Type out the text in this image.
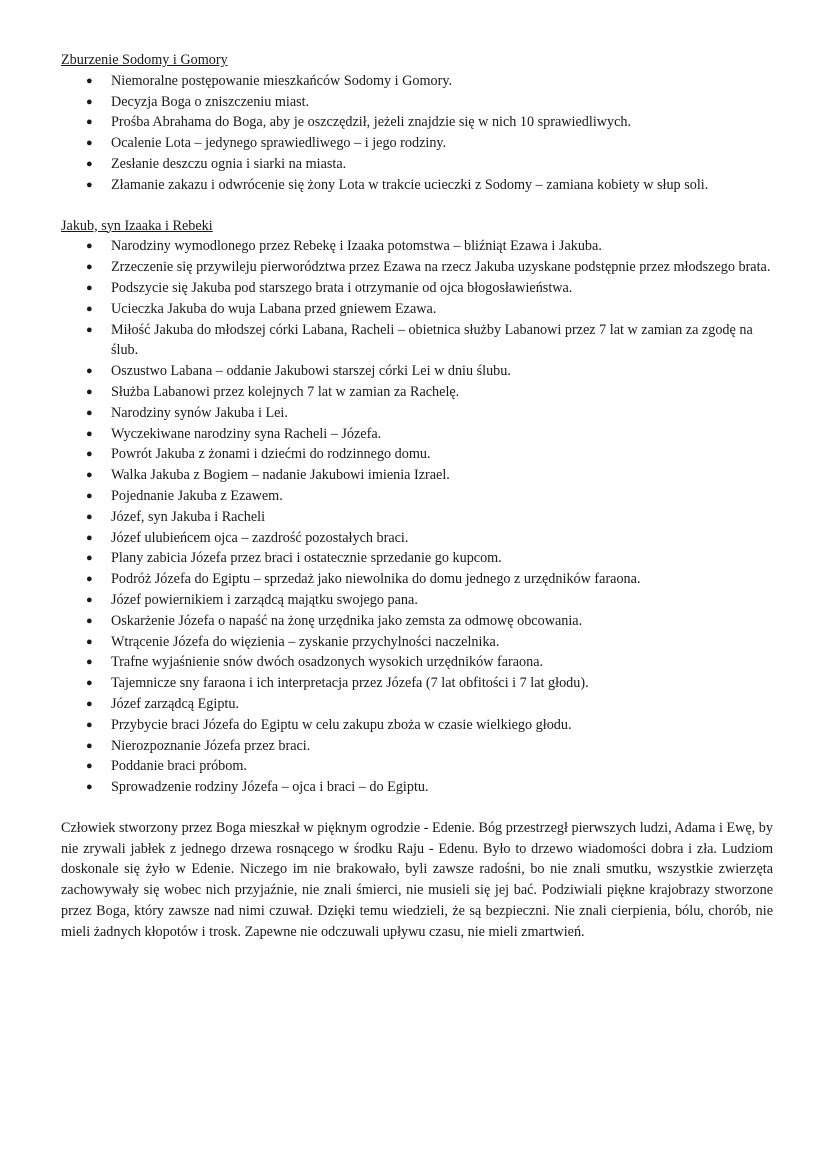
Zburzenie Sodomy i Gomory

● Niemoralne postępowanie mieszkańców Sodomy i Gomory.
● Decyzja Boga o zniszczeniu miast.
● Prośba Abrahama do Boga, aby je oszczędził, jeżeli znajdzie się w nich 10 sprawiedliwych.
● Ocalenie Lota – jedynego sprawiedliwego – i jego rodziny.
● Zesłanie deszczu ognia i siarki na miasta.
● Złamanie zakazu i odwrócenie się żony Lota w trakcie ucieczki z Sodomy – zamiana kobiety w słup soli.

Jakub, syn Izaaka i Rebeki

● Narodziny wymodlonego przez Rebekę i Izaaka potomstwa – bliźniąt Ezawa i Jakuba.
● Zrzeczenie się przywileju pierworództwa przez Ezawa na rzecz Jakuba uzyskane podstępnie przez młodszego brata.
● Podszycie się Jakuba pod starszego brata i otrzymanie od ojca błogosławieństwa.
● Ucieczka Jakuba do wuja Labana przed gniewem Ezawa.
● Miłość Jakuba do młodszej córki Labana, Racheli – obietnica służby Labanowi przez 7 lat w zamian za zgodę na ślub.
● Oszustwo Labana – oddanie Jakubowi starszej córki Lei w dniu ślubu.
● Służba Labanowi przez kolejnych 7 lat w zamian za Rachelę.
● Narodziny synów Jakuba i Lei.
● Wyczekiwane narodziny syna Racheli – Józefa.
● Powrót Jakuba z żonami i dziećmi do rodzinnego domu.
● Walka Jakuba z Bogiem – nadanie Jakubowi imienia Izrael.
● Pojednanie Jakuba z Ezawem.
● Józef, syn Jakuba i Racheli
● Józef ulubieńcem ojca – zazdrość pozostałych braci.
● Plany zabicia Józefa przez braci i ostatecznie sprzedanie go kupcom.
● Podróż Józefa do Egiptu – sprzedaż jako niewolnika do domu jednego z urzędników faraona.
● Józef powiernikiem i zarządcą majątku swojego pana.
● Oskarżenie Józefa o napaść na żonę urzędnika jako zemsta za odmowę obcowania.
● Wtrącenie Józefa do więzienia – zyskanie przychylności naczelnika.
● Trafne wyjaśnienie snów dwóch osadzonych wysokich urzędników faraona.
● Tajemnicze sny faraona i ich interpretacja przez Józefa (7 lat obfitości i 7 lat głodu).
● Józef zarządcą Egiptu.
● Przybycie braci Józefa do Egiptu w celu zakupu zboża w czasie wielkiego głodu.
● Nierozpoznanie Józefa przez braci.
● Poddanie braci próbom.
● Sprowadzenie rodziny Józefa – ojca i braci – do Egiptu.

Człowiek stworzony przez Boga mieszkał w pięknym ogrodzie - Edenie. Bóg przestrzegł pierwszych ludzi, Adama i Ewę, by nie zrywali jabłek z jednego drzewa rosnącego w środku Raju - Edenu. Było to drzewo wiadomości dobra i zła. Ludziom doskonale się żyło w Edenie. Niczego im nie brakowało, byli zawsze radośni, bo nie znali smutku, wszystkie zwierzęta zachowywały się wobec nich przyjaźnie, nie znali śmierci, nie musieli się jej bać. Podziwiali piękne krajobrazy stworzone przez Boga, który zawsze nad nimi czuwał. Dzięki temu wiedzieli, że są bezpieczni. Nie znali cierpienia, bólu, chorób, nie mieli żadnych kłopotów i trosk. Zapewne nie odczuwali upływu czasu, nie mieli zmartwień.
